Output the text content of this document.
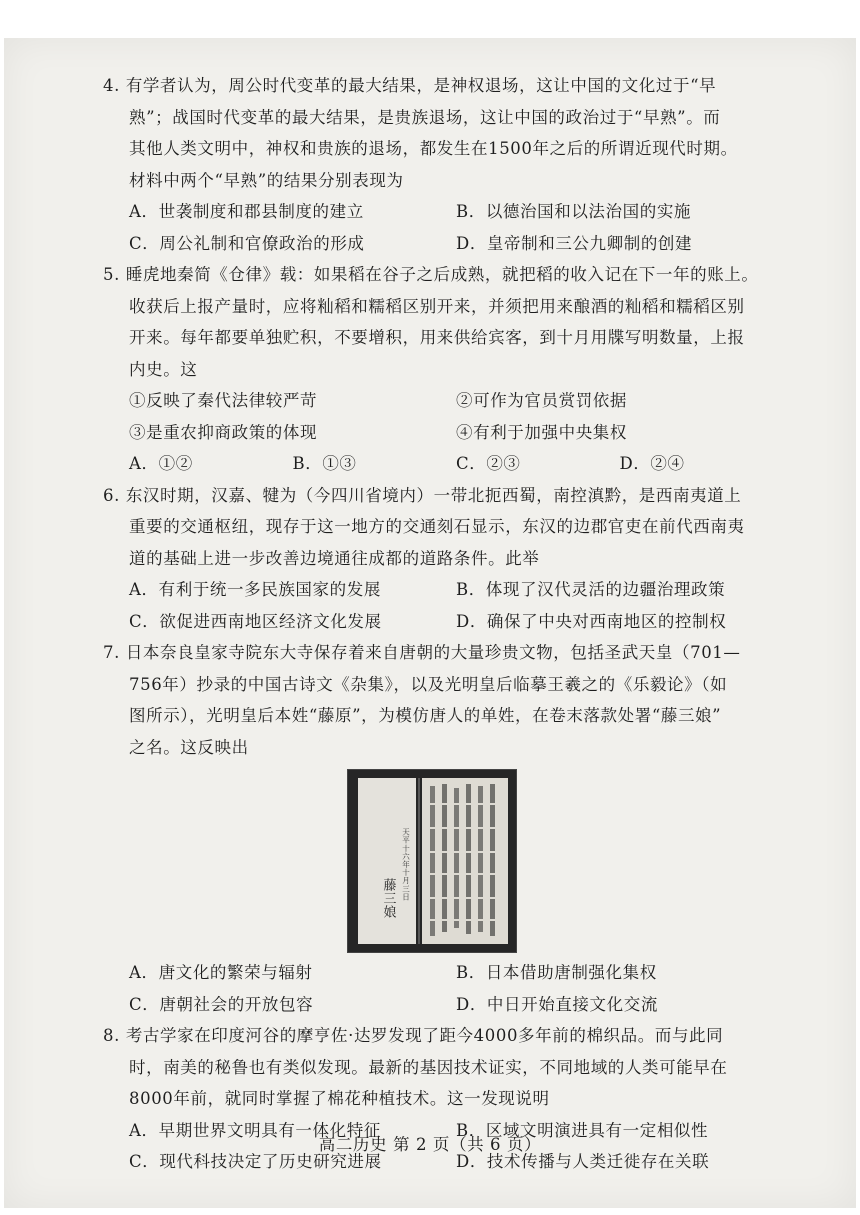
4. 有学者认为，周公时代变革的最大结果，是神权退场，这让中国的文化过于“早
熟”；战国时代变革的最大结果，是贵族退场，这让中国的政治过于“早熟”。而
其他人类文明中，神权和贵族的退场，都发生在1500年之后的所谓近现代时期。
材料中两个“早熟”的结果分别表现为
A．世袭制度和郡县制度的建立	B．以德治国和以法治国的实施
C．周公礼制和官僚政治的形成	D．皇帝制和三公九卿制的创建
5. 睡虎地秦简《仓律》载：如果稻在谷子之后成熟，就把稻的收入记在下一年的账上。
收获后上报产量时，应将籼稻和糯稻区别开来，并须把用来酿酒的籼稻和糯稻区别
开来。每年都要单独贮积，不要增积，用来供给宾客，到十月用牒写明数量，上报
内史。这
①反映了秦代法律较严苛	②可作为官员赏罚依据
③是重农抑商政策的体现	④有利于加强中央集权
A．①②	B．①③	C．②③	D．②④
6. 东汉时期，汉嘉、犍为（今四川省境内）一带北扼西蜀，南控滇黔，是西南夷道上
重要的交通枢纽，现存于这一地方的交通刻石显示，东汉的边郡官吏在前代西南夷
道的基础上进一步改善边境通往成都的道路条件。此举
A．有利于统一多民族国家的发展	B．体现了汉代灵活的边疆治理政策
C．欲促进西南地区经济文化发展	D．确保了中央对西南地区的控制权
7. 日本奈良皇家寺院东大寺保存着来自唐朝的大量珍贵文物，包括圣武天皇（701—
756年）抄录的中国古诗文《杂集》，以及光明皇后临摹王羲之的《乐毅论》（如
图所示），光明皇后本姓“藤原”，为模仿唐人的单姓，在卷末落款处署“藤三娘”
之名。这反映出
藤三娘 天平十六年十月三日
A．唐文化的繁荣与辐射	B．日本借助唐制强化集权
C．唐朝社会的开放包容	D．中日开始直接文化交流
8. 考古学家在印度河谷的摩亨佐·达罗发现了距今4000多年前的棉织品。而与此同
时，南美的秘鲁也有类似发现。最新的基因技术证实，不同地域的人类可能早在
8000年前，就同时掌握了棉花种植技术。这一发现说明
A．早期世界文明具有一体化特征	B．区域文明演进具有一定相似性
C．现代科技决定了历史研究进展	D．技术传播与人类迁徙存在关联
高二历史 第 2 页（共 6 页）
